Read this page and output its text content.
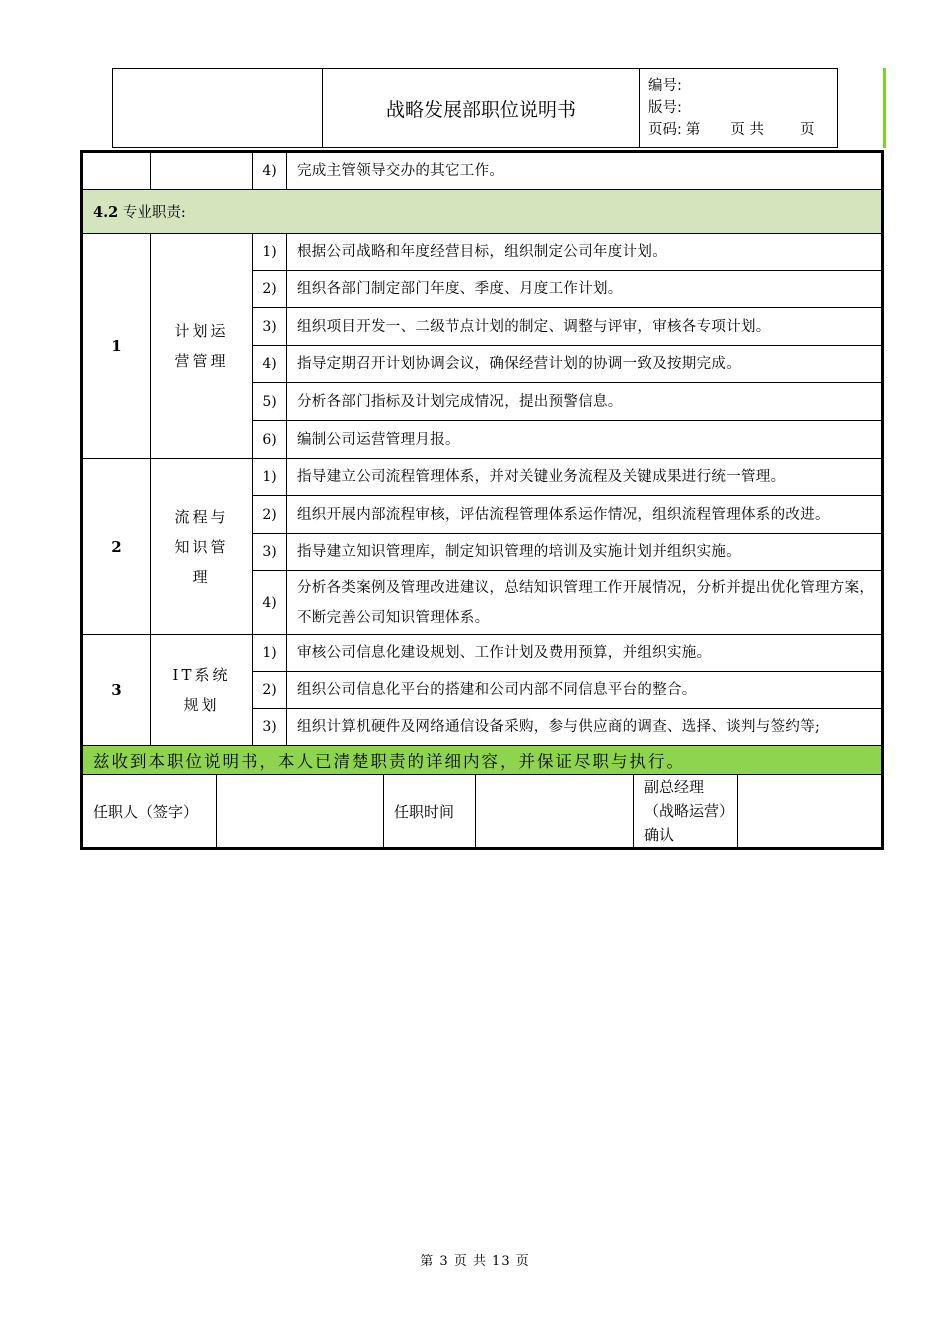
战略发展部职位说明书
编号:
版号:
页码: 第 页 共 页
		4)	完成主管领导交办的其它工作。
4.2 专业职责:			
1	计划运营管理	1)	根据公司战略和年度经营目标，组织制定公司年度计划。
		2)	组织各部门制定部门年度、季度、月度工作计划。
		3)	组织项目开发一、二级节点计划的制定、调整与评审，审核各专项计划。
		4)	指导定期召开计划协调会议，确保经营计划的协调一致及按期完成。
		5)	分析各部门指标及计划完成情况，提出预警信息。
		6)	编制公司运营管理月报。
2	流程与知识管理	1)	指导建立公司流程管理体系，并对关键业务流程及关键成果进行统一管理。
		2)	组织开展内部流程审核，评估流程管理体系运作情况，组织流程管理体系的改进。
		3)	指导建立知识管理库，制定知识管理的培训及实施计划并组织实施。
		4)	分析各类案例及管理改进建议，总结知识管理工作开展情况，分析并提出优化管理方案，不断完善公司知识管理体系。
3	IT系统规划	1)	审核公司信息化建设规划、工作计划及费用预算，并组织实施。
		2)	组织公司信息化平台的搭建和公司内部不同信息平台的整合。
		3)	组织计算机硬件及网络通信设备采购，参与供应商的调查、选择、谈判与签约等;
兹收到本职位说明书，本人已清楚职责的详细内容，并保证尽职与执行。
任职人（签字）		任职时间		副总经理（战略运营）确认	
第 3 页 共 13 页
